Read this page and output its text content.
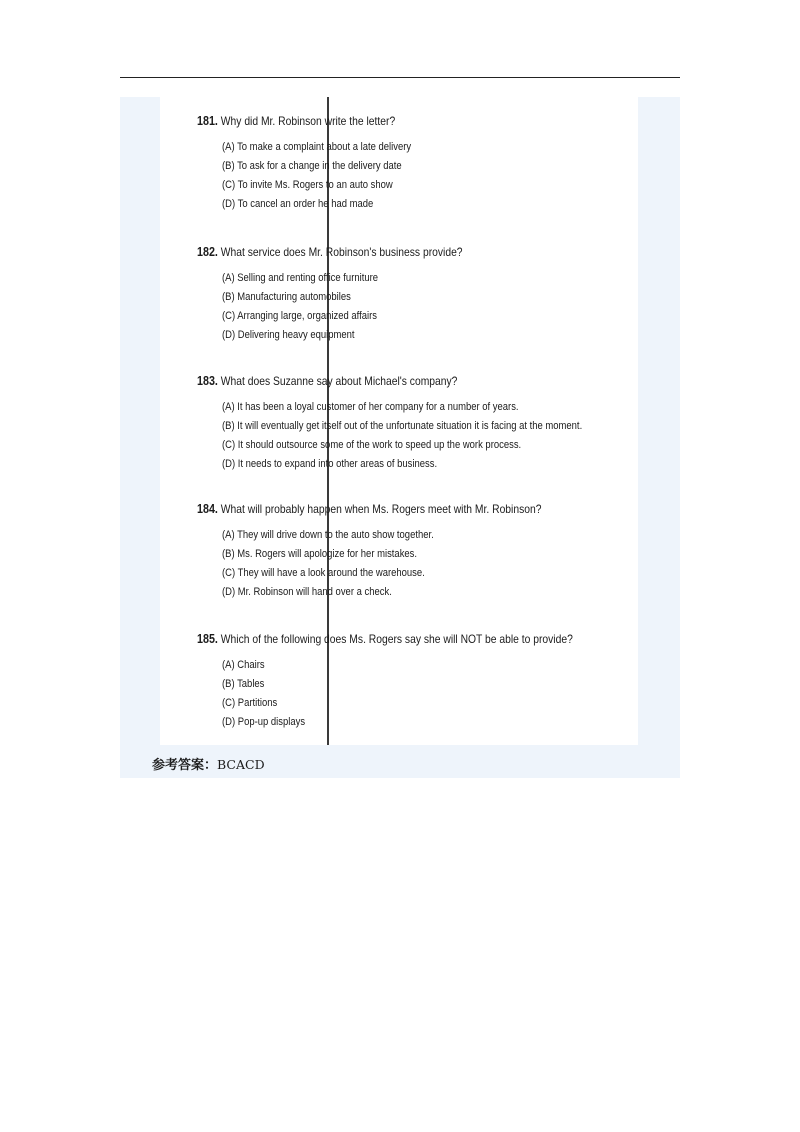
181. Why did Mr. Robinson write the letter?
(A) To make a complaint about a late delivery
(B) To ask for a change in the delivery date
(C) To invite Ms. Rogers to an auto show
(D) To cancel an order he had made
182. What service does Mr. Robinson's business provide?
(A) Selling and renting office furniture
(B) Manufacturing automobiles
(C) Arranging large, organized affairs
(D) Delivering heavy equipment
183. What does Suzanne say about Michael's company?
(A) It has been a loyal customer of her company for a number of years.
(B) It will eventually get itself out of the unfortunate situation it is facing at the moment.
(C) It should outsource some of the work to speed up the work process.
(D) It needs to expand into other areas of business.
184. What will probably happen when Ms. Rogers meet with Mr. Robinson?
(A) They will drive down to the auto show together.
(B) Ms. Rogers will apologize for her mistakes.
(C) They will have a look around the warehouse.
(D) Mr. Robinson will hand over a check.
185. Which of the following does Ms. Rogers say she will NOT be able to provide?
(A) Chairs
(B) Tables
(C) Partitions
(D) Pop-up displays
参考答案：BCACD
